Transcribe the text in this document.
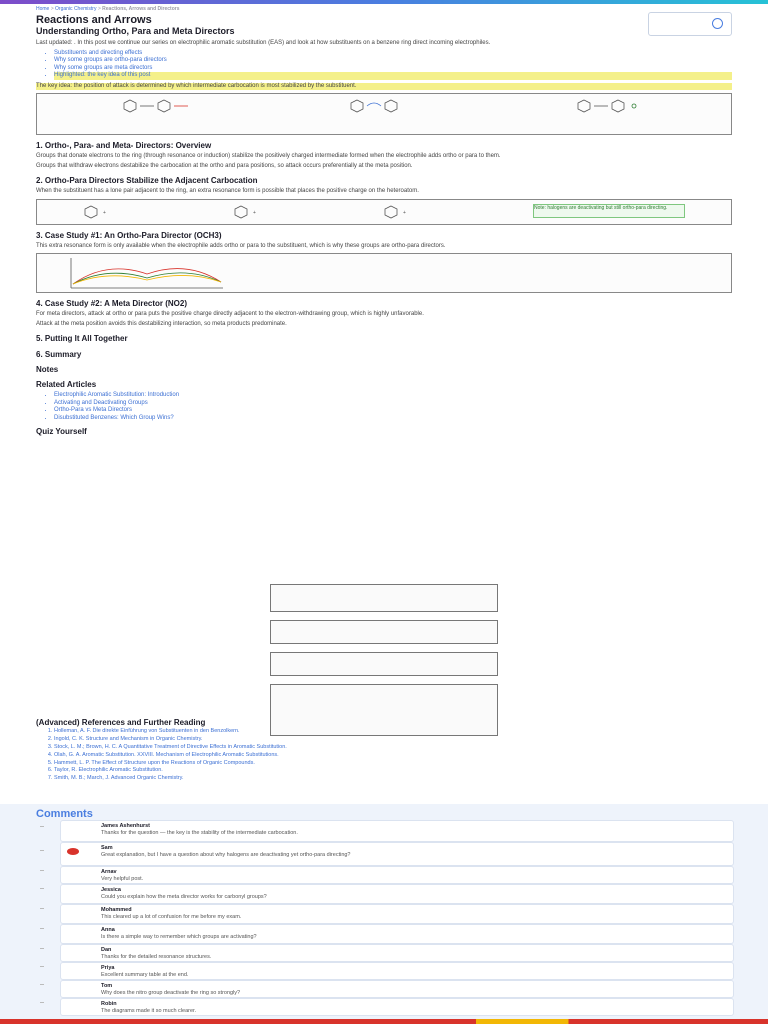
Home > Organic Chemistry > Reactions, Arrows and Directors
Reactions and Arrows
Understanding Ortho, Para and Meta Directors

Last updated: . In this post we continue our series on electrophilic aromatic substitution (EAS) and look at how substituents on a benzene ring direct incoming electrophiles.

• Substituents and directing effects
• Why some groups are ortho-para directors
• Why some groups are meta directors
• Highlighted: the key idea of this post

The key idea: the position of attack is determined by which intermediate carbocation is most stabilized by the substituent.

1. Ortho-, Para- and Meta- Directors: Overview

Groups that donate electrons to the ring (through resonance or induction) stabilize the positively charged intermediate formed when the electrophile adds ortho or para to them.

Groups that withdraw electrons destabilize the carbocation at the ortho and para positions, so attack occurs preferentially at the meta position.

2. Ortho-Para Directors Stabilize the Adjacent Carbocation

When the substituent has a lone pair adjacent to the ring, an extra resonance form is possible that places the positive charge on the heteroatom.

+	+	+
Note: halogens are deactivating but still ortho-para directing.
3. Case Study #1: An Ortho-Para Director (OCH3)

This extra resonance form is only available when the electrophile adds ortho or para to the substituent, which is why these groups are ortho-para directors.

4. Case Study #2: A Meta Director (NO2)

For meta directors, attack at ortho or para puts the positive charge directly adjacent to the electron-withdrawing group, which is highly unfavorable.

Attack at the meta position avoids this destabilizing interaction, so meta products predominate.

5. Putting It All Together
6. Summary
Notes
Related Articles
• Electrophilic Aromatic Substitution: Introduction
• Activating and Deactivating Groups
• Ortho-Para vs Meta Directors
• Disubstituted Benzenes: Which Group Wins?
Quiz Yourself
(Advanced) References and Further Reading
1. Holleman, A. F. Die direkte Einführung von Substituenten in den Benzolkern.
2. Ingold, C. K. Structure and Mechanism in Organic Chemistry.
3. Stock, L. M.; Brown, H. C. A Quantitative Treatment of Directive Effects in Aromatic Substitution.
4. Olah, G. A. Aromatic Substitution. XXVIII. Mechanism of Electrophilic Aromatic Substitutions.
5. Hammett, L. P. The Effect of Structure upon the Reactions of Organic Compounds.
6. Taylor, R. Electrophilic Aromatic Substitution.
7. Smith, M. B.; March, J. Advanced Organic Chemistry.
Comments
James Ashenhurst
Thanks for the question — the key is the stability of the intermediate carbocation.
Sam
Great explanation, but I have a question about why halogens are deactivating yet ortho-para directing?
Arnav
Very helpful post.
Jessica
Could you explain how the meta director works for carbonyl groups?
Mohammed
This cleared up a lot of confusion for me before my exam.
Anna
Is there a simple way to remember which groups are activating?
Dan
Thanks for the detailed resonance structures.
Priya
Excellent summary table at the end.
Tom
Why does the nitro group deactivate the ring so strongly?
Robin
The diagrams made it so much clearer.
